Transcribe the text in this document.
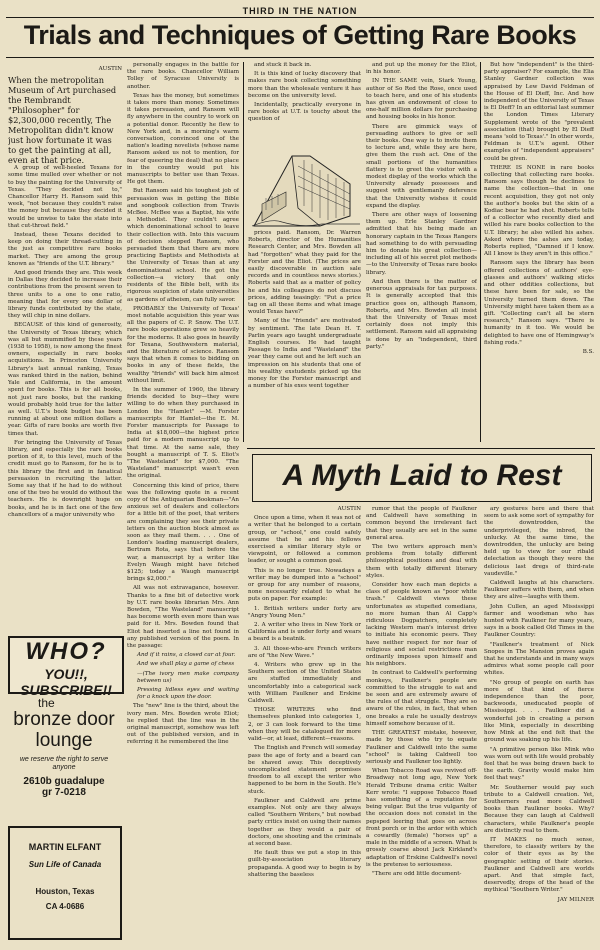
THIRD IN THE NATION
Trials and Techniques of Getting Rare Books
AUSTIN
When the metropolitan Museum of Art purchased the Rembrandt "Philosopher" for $2,300,000 recently, The Metropolitan didn't know just how fortunate it was to get the painting at all, even at that price.

A group of well-heeled Texans for some time mulled over whether or not to buy the painting for the University of Texas. "They decided not to," Chancellor Harry H. Ransom said this week, "not because they couldn't raise the money but because they decided it would be unwise to take the state into that cut-throat field."

Instead, these Texans decided to keep on doing their thread-cutting in the just as competitive rare books market. They are among the group known as "friends of the U.T. library."

And good friends they are. This week in Dallas they decided to increase their contributions from the present seven to three units to a one to one ratio, meaning that for every one dollar of library funds contributed by the state, they will chip in nine dollars.

BECAUSE of this kind of generosity, the University of Texas library, which was all but mummified by these years (1938 to 1958), is now among the finest owners, especially in rare books acquisitions. In Princeton University Library's last annual ranking, Texas was ranked third in the nation, behind Yale and California, in the amount spent for books. This is for all books, not just rare books, but the ranking would probably hold true for the latter as well. U.T.'s book budget has been running at about one million dollars a year. Gifts of rare books are worth five times that.

For bringing the University of Texas library, and especially the rare books portion of it, to this level, much of the credit must go to Ransom, for he is to this library the first and in fanatical persuasion in recruiting the latter. Some say that if he had to do without one of the two he would do without the teachers. He is downright huge on books, and he is in fact one of the few chancellors of a major university who

personally engages in the battle for the rare books. Chancellor William Tolley of Syracuse University is another.

Texas has the money, but sometimes it takes more than money. Sometimes it takes persuasion, and Ransom will fly anywhere in the country to work on a potential donor. Recently he flew to New York and, in a morning's warm conversation, convinced one of the nation's leading novelists (whose name Ransom asked us not to mention, for fear of queering the deal) that no place in the country would put his manuscripts to better use than Texas. He got them.

But Ransom said his toughest job of persuasion was in getting the Bible and songbook collection from Travis McBee. McBee was a Baptist, his wife a Methodist. They couldn't agree which denominational school to leave their collection with. Into this vacuum of decision stepped Ransom, who persuaded them that there are more practicing Baptists and Methodists at the University of Texas than at any denominational school. He got the collection—a victory that only residents of the Bible belt, with its rigorous suspicion of state universities as gardens of atheism, can fully savor.

PROBABLY the University of Texas' most notable acquisition this year was all the papers of C. P. Snow. The U.T. rare books operations grew so heavily for the moderns. It also goes in heavily for Texana, Southwestern material, and the literature of science. Ransom says that when it comes to bidding on books in any of these fields, the wealthy "friends" will back him almost without limit.

In the summer of 1960, the library friends decided to buy—they were willing to do when they purchased in London the "Hamlet" —M. Forster manuscripts for Hamlet—the E. M. Forster manuscripts for Passage to India at $18,000—the highest price paid for a modern manuscript up to that time. At the same sale, they bought a manuscript of T. S. Eliot's "The Wasteland" for $7,000. "The Wasteland" manuscript wasn't even the original.

Concerning this kind of price, there was the following quote in a recent copy of the Antiquarian Bookman—"An anxious set of dealers and collectors for a little bit of the poet, that writers are complaining they see their private letters on the auction block almost as soon as they mail them. . . . One of London's leading manuscript dealers, Bertram Rota, says that before the war, a manuscript by a writer like Evelyn Waugh might have fetched $125; today a Waugh manuscript brings $2,000."

All was not extravagance, however. Thanks to a fine bit of detective work by U.T. rare books librarian Mrs. Ann Bowden, "The Wasteland" manuscript has become worth even more than was paid for it. Mrs. Bowden found that Eliot had inserted a line not found in any published version of the poem. In the passage:

And if it rains, a closed car at four.

And we shall play a game of chess

—(The ivory men make company between us)

Pressing lidless eyes and waiting for a knock upon the door.

The "new" line is the third, about the ivory men. Mrs. Bowden wrote Eliot; he replied that the line was in the original manuscript, somehow was left out of the published version, and in referring it he remembered the line

and stuck it back in.

It is this kind of lucky discovery that makes rare book collecting something more than the wholesale venture it has become on the university level.

Incidentally, practically everyone in rare books at U.T. is touchy about the question of

prices paid. Ransom, Dr. Warren Roberts, director of the Humanities Research Center, and Mrs. Bowden all had "forgotten" what they paid for the Forster and the Eliot. (The prices are easily discoverable in auction sale records and in countless news stories.) Roberts said that as a matter of policy he and his colleagues do not discuss prices, adding teasingly: "Put a price tag on all these items and what image would Texas have?"

Many of the "friends" are motivated by sentiment. The late Dean H. T. Parlin years ago taught undergraduate English courses. He had taught Passage to India and "Wasteland" the year they came out and he left such an impression on his students that one of his wealthy exstudents picked up the money for the Forster manuscript and a number of his exes went together

and put up the money for the Eliot, in his honor.

IN THE SAME vein, Stark Young, author of So Red the Rose, once used to teach here, and one of his students has given an endowment of close to one-half million dollars for purchasing and housing books in his honor.

There are gimmick ways of persuading authors to give or sell their books. One way is to invite them to lecture and, while they are here, give them the rush act. One of the small portions of the humanities flattery is to greet the visitor with a modest display of the works which the University already possesses and suggest with gentlemanly deference that the University wishes it could expand the display.

There are other ways of loosening them up. Erle Stanley Gardner admitted that his being made an honorary captain in the Texas Rangers had something to do with persuading him to donate his great collection—including all of his secret plot methods—to the University of Texas rare books library.

And then there is the matter of generous appraisals for tax purposes. It is generally accepted that this practice goes on, although Ransom, Roberts, and Mrs. Bowden all insist that the University of Texas most certainly does not imply this settlement. Ransom said all appraising is done by an "independent, third party."

But how "independent" is the third-party appraiser? For example, the Elia Stanley Gardner collection was appraised by Lew David Feldman of the House of El Dieff, Inc. And how independent of the University of Texas is El Dieff? In an editorial last summer the London Times Literary Supplement wrote of the "prevalent association (that) brought by El Dieff means 'sold to Texas'." In other words, Feldman is U.T.'s agent. Other examples of "independent appraisers" could be given.

THERE IS NONE in rare books collecting that collecting rare books. Ransom says though he declines to name the collection—that in one recent acquisition, they got not only the author's books but the skin of a Kodiac bear he had shot. Roberts tells of a collector who recently died and willed his rare books collection to the U.T. library; he also willed his ashes. Asked where the ashes are today, Roberts replied, "Damned if I know. All I know is they aren't in this office."

Ransom says the library has been offered collections of authors' eye-glasses and authors' walking sticks and other oddities collections, but these have been for sale, so the University turned them down. The University might have taken them as a gift. "Collecting can't all be stern research," Ransom says. "There is humanity in it too. We would be delighted to have one of Hemingway's fishing rods."

B.S.

A Myth Laid to Rest
AUSTIN

Once upon a time, when it was not of a writer that he belonged to a certain group, or "school," one could safely assume that he and his fellows exercised a similar literary style or viewpoint, or followed a common leader, or sought a common goal.

This is no longer true. Nowadays a writer may be dumped into a "school" or group for any number of reasons, none necessarily related to what he puts on paper. For example:

1. British writers under forty are "Angry Young Men."

2. A writer who lives in New York or California and is under forty and wears a beard is a beatnik.

3. All those-who-are French writers are of "the New Wave."

4. Writers who grew up in the Southern section of the United States are stuffed immediately and uncomfortably into a categorical sack with William Faulkner and Erskine Caldwell.

THOSE WRITERS who find themselves plunked into categories 1, 2, or 3 can look forward to the time when they will be catalogued for more valid—or, at least, different—reasons.

The English and French will someday pass the age of forty and a beard can be shaved away. This deceptively uncomplicated statement promises freedom to all except the writer who happened to be born in the South. He's stuck.

Faulkner and Caldwell are prime examples. Not only are they always called "Southern Writers," but nowbad party critics insist on using their names together as they would a pair of doctors, one shooting and the criminals at second base.

He fault thus we put a stop in this guilt-by-association literary propaganda. A good way to begin is by shattering the baseless

rumor that the people of Faulkner and Caldwell have something in common beyond the irrelevant fact that they usually are set in the same general area.

The two writers approach men's problems from totally different philosophical positions and deal with them with totally different literary styles.

Consider how each man depicts a class of people known as "poor white trash." Caldwell views these unfortunates as stupefied comedians, no more human than Al Capp's ridiculous Dogpatchers, completely lacking Western man's interest drive to initiate his economic peers. They have neither respect for nor fear of religious and social restrictions man ordinarily imposes upon himself and his neighbors.

In contrast to Caldwell's performing monkeys, Faulkner's people are committed to the struggle to eat and be seen and are extremely aware of the rules of that struggle. They are so aware of the rules, in fact, that when one breaks a rule he usually destroys himself somehow because of it.

THE GREATEST mistake, however, made by those who try to equate Faulkner and Caldwell into the same "school" is taking Caldwell too seriously and Faulkner too lightly.

When Tobacco Road was revived off-Broadway not long ago, New York Herald Tribune drama critic Walter Kerr wrote: "I suppose Tobacco Road has something of a reputation for being vulgar. But the true vulgarity of the occasion does not consist in the pepsped leering that goes on across front porch or in the ardor with which a cowardly (female) "horses up" a male in the middle of a screen. What is grossly coarse about Jack Kirkland's adaptation of Erskine Caldwell's novel is the pretense to seriousness.

"There are odd little document-

ary gestures here and there that seem to ask some sort of sympathy for the downtrodden, the underprivileged, the inbred, the unlucky. At the same time, the downtrodden, the unlucky are being held up to view for our ribald delectation as though they were the delicious last dregs of third-rate vaudeville."

Caldwell laughs at his characters. Faulkner suffers with them, and when they are alive—laughs with them.

John Cullen, an aged Mississippi farmer and woodsman who has hunted with Faulkner for many years, says in a book called Old Times in the Faulkner Country:

"Faulkner's treatment of Nick Snopes in The Mansion proves again that he understands and in many ways admires what some people call poor whites.

"No group of people on earth has more of that kind of fierce independence than the poor, backwoods, uneducated people of Mississippi. . . . Faulkner did a wonderful job in creating a person like Mink, especially in describing how Mink at the end felt that the ground was soaking up his life.

"A primitive person like Mink who was worn out with life would probably feel that he was being drawn back to the earth. Gravity would make him feel that way."

Mr. Southerner would pay such tribute to a Caldwell creation. Yet, Southerners read more Caldwell books than Faulkner books. Why? Because they can laugh at Caldwell characters, while Faulkner's people are distinctly real to them.

IT MAKES no much sense, therefore, to classify writers by the color of their eyes as by the geographic setting of their stories. Faulkner and Caldwell are worlds apart. And that simple fact, deservedly, drops of the head of the mythical "Southern Writer."

JAY MILNER

WHO?
YOU!!, SUBSCRIBE!!
the
bronze door
lounge
we reserve the right to serve anyone
2610b guadalupe
gr 7-0218
MARTIN ELFANT
Sun Life of Canada
Houston, Texas
CA 4-0686
